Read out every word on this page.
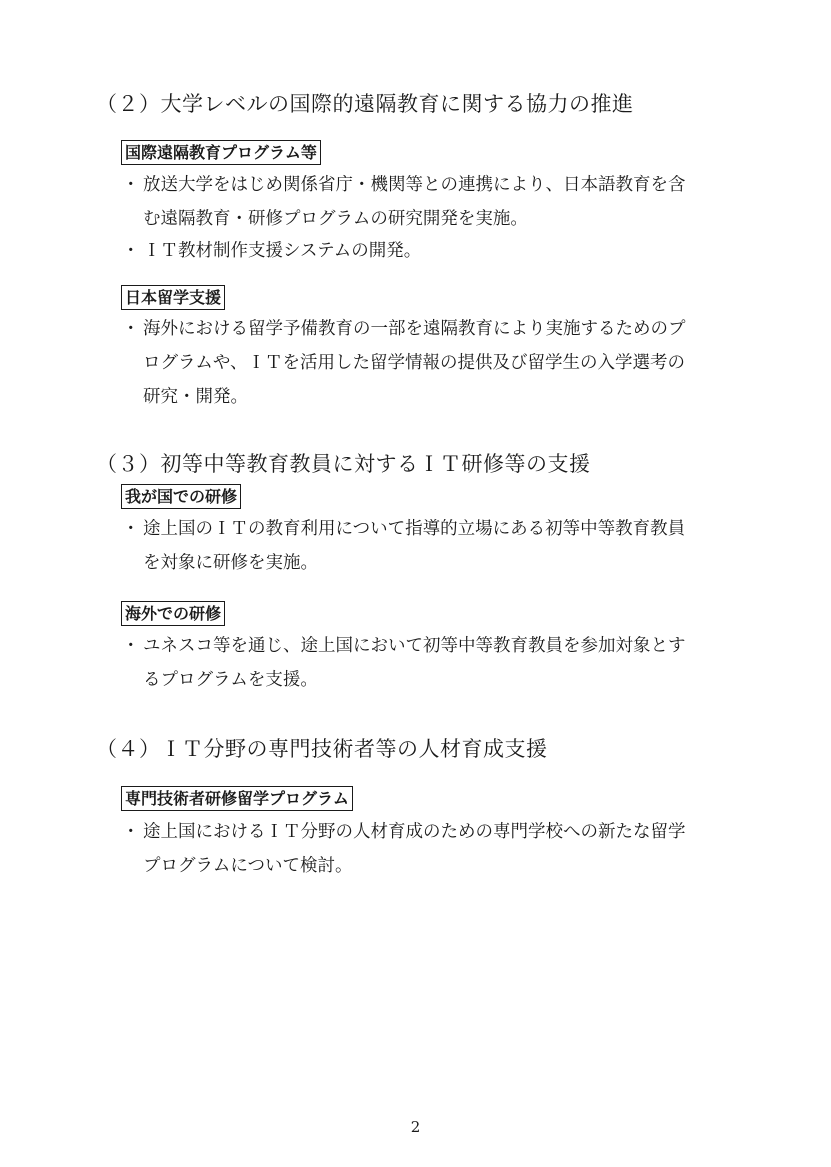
（２）大学レベルの国際的遠隔教育に関する協力の推進
国際遠隔教育プログラム等
・ 放送大学をはじめ関係省庁・機関等との連携により、日本語教育を含
む遠隔教育・研修プログラムの研究開発を実施。
・ ＩＴ教材制作支援システムの開発。
日本留学支援
・ 海外における留学予備教育の一部を遠隔教育により実施するためのプ
ログラムや、ＩＴを活用した留学情報の提供及び留学生の入学選考の
研究・開発。
（３）初等中等教育教員に対するＩＴ研修等の支援
我が国での研修
・ 途上国のＩＴの教育利用について指導的立場にある初等中等教育教員
を対象に研修を実施。
海外での研修
・ ユネスコ等を通じ、途上国において初等中等教育教員を参加対象とす
るプログラムを支援。
（４）ＩＴ分野の専門技術者等の人材育成支援
専門技術者研修留学プログラム
・ 途上国におけるＩＴ分野の人材育成のための専門学校への新たな留学
プログラムについて検討。
2
